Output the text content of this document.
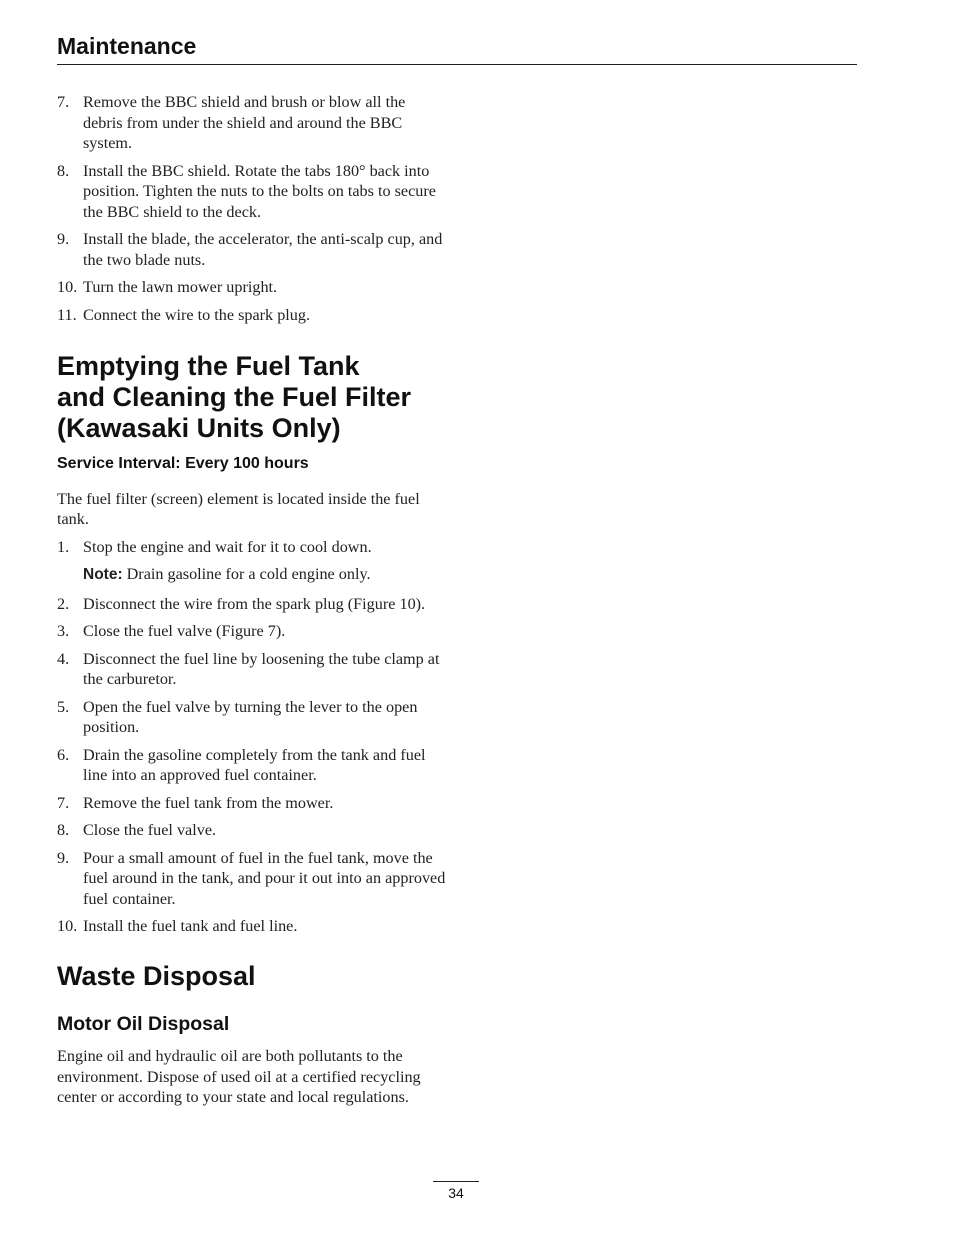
Maintenance
7. Remove the BBC shield and brush or blow all the debris from under the shield and around the BBC system.
8. Install the BBC shield. Rotate the tabs 180° back into position. Tighten the nuts to the bolts on tabs to secure the BBC shield to the deck.
9. Install the blade, the accelerator, the anti-scalp cup, and the two blade nuts.
10. Turn the lawn mower upright.
11. Connect the wire to the spark plug.
Emptying the Fuel Tank
and Cleaning the Fuel Filter
(Kawasaki Units Only)
Service Interval: Every 100 hours

The fuel filter (screen) element is located inside the fuel tank.

1. Stop the engine and wait for it to cool down.
Note: Drain gasoline for a cold engine only.
2. Disconnect the wire from the spark plug (Figure 10).
3. Close the fuel valve (Figure 7).
4. Disconnect the fuel line by loosening the tube clamp at the carburetor.
5. Open the fuel valve by turning the lever to the open position.
6. Drain the gasoline completely from the tank and fuel line into an approved fuel container.
7. Remove the fuel tank from the mower.
8. Close the fuel valve.
9. Pour a small amount of fuel in the fuel tank, move the fuel around in the tank, and pour it out into an approved fuel container.
10. Install the fuel tank and fuel line.
Waste Disposal
Motor Oil Disposal

Engine oil and hydraulic oil are both pollutants to the environment. Dispose of used oil at a certified recycling center or according to your state and local regulations.

34
